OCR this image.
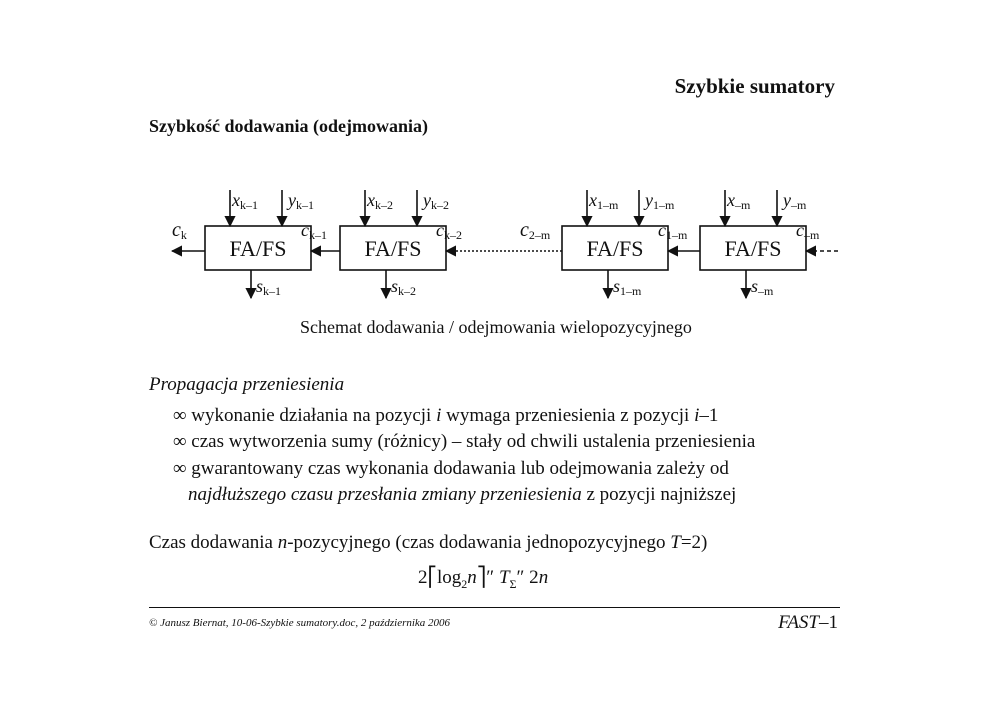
Szybkie sumatory
Szybkość dodawania (odejmowania)
FA/FS
xk–1 yk–1
sk–1
ck–1
FA/FS
xk–2 yk–2
sk–2
ck–2
FA/FS
x1–m y1–m
s1–m
c1–m
FA/FS
x–m y–m
s–m
c–m
ck	c2–m
Schemat dodawania / odejmowania wielopozycyjnego
Propagacja przeniesienia
∞ wykonanie działania na pozycji i wymaga przeniesienia z pozycji i–1
∞ czas wytworzenia sumy (różnicy) – stały od chwili ustalenia przeniesienia
∞ gwarantowany czas wykonania dodawania lub odejmowania zależy od
najdłuższego czasu przesłania zmiany przeniesienia z pozycji najniższej
Czas dodawania n-pozycyjnego (czas dodawania jednopozycyjnego T=2)
$2⎡\log_2n⎤''$ $T_\Sigma''$ 2n
© Janusz Biernat, 10-06-Szybkie sumatory.doc, 2 października 2006	FAST–1
